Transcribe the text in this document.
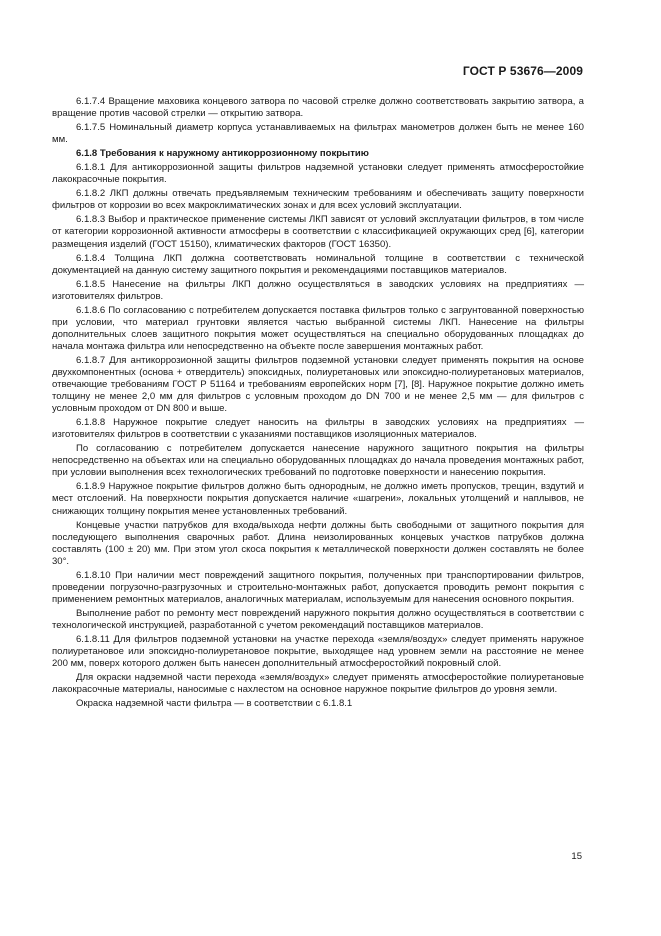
ГОСТ Р 53676—2009

6.1.7.4 Вращение маховика концевого затвора по часовой стрелке должно соответствовать закрытию затвора, а вращение против часовой стрелки — открытию затвора.

6.1.7.5 Номинальный диаметр корпуса устанавливаемых на фильтрах манометров должен быть не менее 160 мм.

6.1.8 Требования к наружному антикоррозионному покрытию

6.1.8.1 Для антикоррозионной защиты фильтров надземной установки следует применять атмосферостойкие лакокрасочные покрытия.

6.1.8.2 ЛКП должны отвечать предъявляемым техническим требованиям и обеспечивать защиту поверхности фильтров от коррозии во всех макроклиматических зонах и для всех условий эксплуатации.

6.1.8.3 Выбор и практическое применение системы ЛКП зависят от условий эксплуатации фильтров, в том числе от категории коррозионной активности атмосферы в соответствии с классификацией окружающих сред [6], категории размещения изделий (ГОСТ 15150), климатических факторов (ГОСТ 16350).

6.1.8.4 Толщина ЛКП должна соответствовать номинальной толщине в соответствии с технической документацией на данную систему защитного покрытия и рекомендациями поставщиков материалов.

6.1.8.5 Нанесение на фильтры ЛКП должно осуществляться в заводских условиях на предприятиях — изготовителях фильтров.

6.1.8.6 По согласованию с потребителем допускается поставка фильтров только с загрунтованной поверхностью при условии, что материал грунтовки является частью выбранной системы ЛКП. Нанесение на фильтры дополнительных слоев защитного покрытия может осуществляться на специально оборудованных площадках до начала монтажа фильтра или непосредственно на объекте после завершения монтажных работ.

6.1.8.7 Для антикоррозионной защиты фильтров подземной установки следует применять покрытия на основе двухкомпонентных (основа + отвердитель) эпоксидных, полиуретановых или эпоксидно-полиуретановых материалов, отвечающие требованиям ГОСТ Р 51164 и требованиям европейских норм [7], [8]. Наружное покрытие должно иметь толщину не менее 2,0 мм для фильтров с условным проходом до DN 700 и не менее 2,5 мм — для фильтров с условным проходом от DN 800 и выше.

6.1.8.8 Наружное покрытие следует наносить на фильтры в заводских условиях на предприятиях — изготовителях фильтров в соответствии с указаниями поставщиков изоляционных материалов.

По согласованию с потребителем допускается нанесение наружного защитного покрытия на фильтры непосредственно на объектах или на специально оборудованных площадках до начала проведения монтажных работ, при условии выполнения всех технологических требований по подготовке поверхности и нанесению покрытия.

6.1.8.9 Наружное покрытие фильтров должно быть однородным, не должно иметь пропусков, трещин, вздутий и мест отслоений. На поверхности покрытия допускается наличие «шагрени», локальных утолщений и наплывов, не снижающих толщину покрытия менее установленных требований.

Концевые участки патрубков для входа/выхода нефти должны быть свободными от защитного покрытия для последующего выполнения сварочных работ. Длина неизолированных концевых участков патрубков должна составлять (100 ± 20) мм. При этом угол скоса покрытия к металлической поверхности должен составлять не более 30°.

6.1.8.10 При наличии мест повреждений защитного покрытия, полученных при транспортировании фильтров, проведении погрузочно-разгрузочных и строительно-монтажных работ, допускается проводить ремонт покрытия с применением ремонтных материалов, аналогичных материалам, используемым для нанесения основного покрытия.

Выполнение работ по ремонту мест повреждений наружного покрытия должно осуществляться в соответствии с технологической инструкцией, разработанной с учетом рекомендаций поставщиков материалов.

6.1.8.11 Для фильтров подземной установки на участке перехода «земля/воздух» следует применять наружное полиуретановое или эпоксидно-полиуретановое покрытие, выходящее над уровнем земли на расстояние не менее 200 мм, поверх которого должен быть нанесен дополнительный атмосферостойкий покровный слой.

Для окраски надземной части перехода «земля/воздух» следует применять атмосферостойкие полиуретановые лакокрасочные материалы, наносимые с нахлестом на основное наружное покрытие фильтров до уровня земли.

Окраска надземной части фильтра — в соответствии с 6.1.8.1

15
